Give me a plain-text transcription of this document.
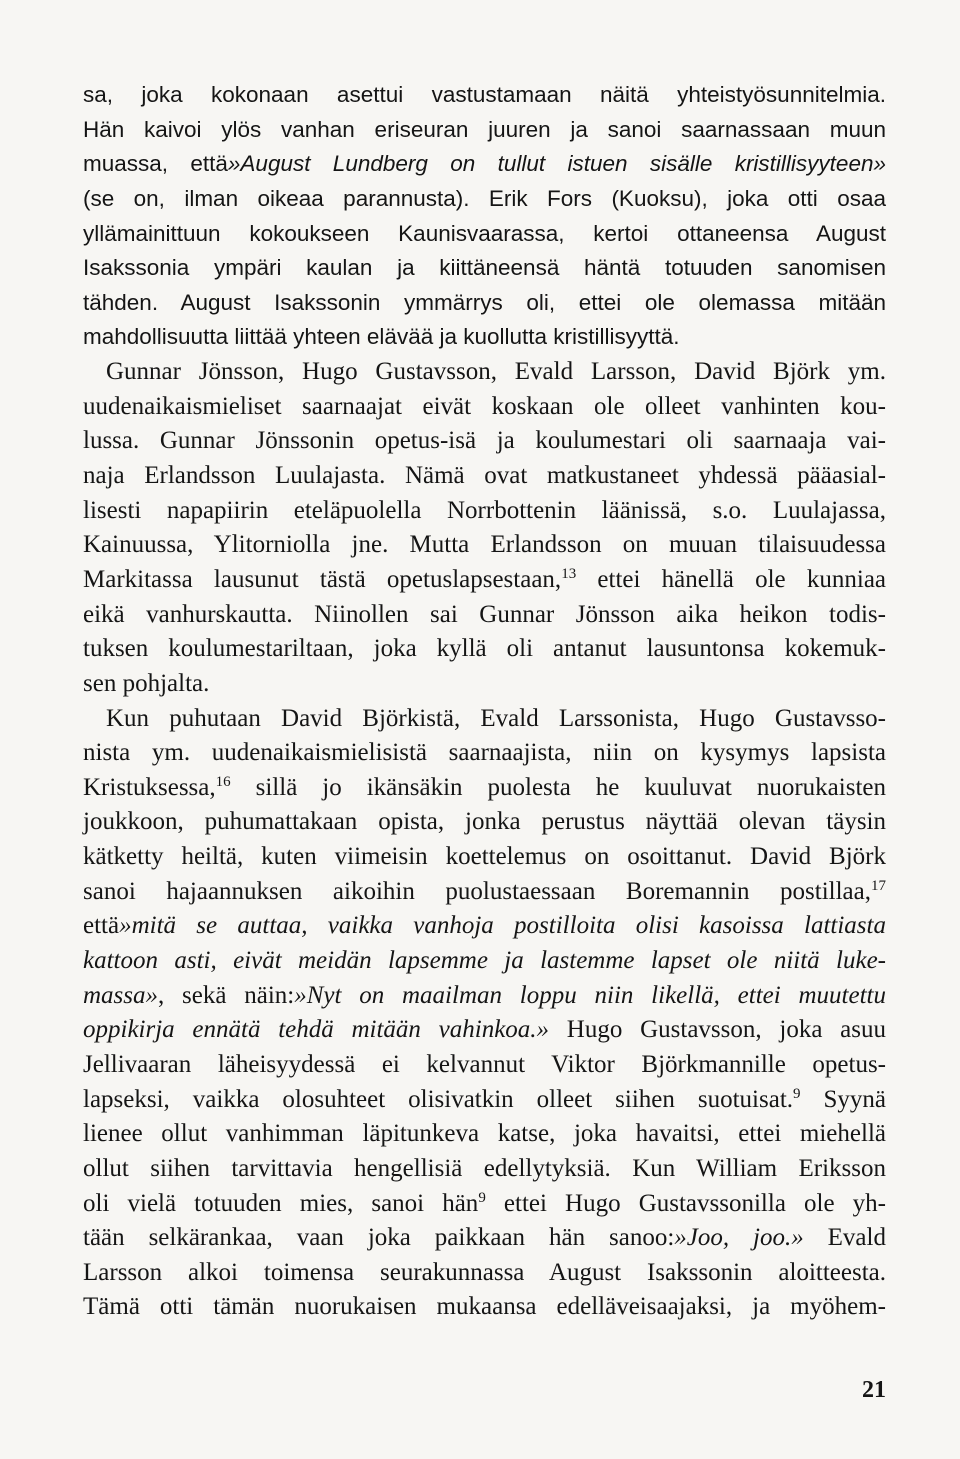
sa, joka kokonaan asettui vastustamaan näitä yhteistyösunnitelmia.
Hän kaivoi ylös vanhan eriseuran juuren ja sanoi saarnassaan muun
muassa, että»August Lundberg on tullut istuen sisälle kristillisyyteen»
(se on, ilman oikeaa parannusta). Erik Fors (Kuoksu), joka otti osaa
yllämainittuun kokoukseen Kaunisvaarassa, kertoi ottaneensa August
Isakssonia ympäri kaulan ja kiittäneensä häntä totuuden sanomisen
tähden. August Isakssonin ymmärrys oli, ettei ole olemassa mitään
mahdollisuutta liittää yhteen elävää ja kuollutta kristillisyyttä.
Gunnar Jönsson, Hugo Gustavsson, Evald Larsson, David Björk ym.
uudenaikaismieliset saarnaajat eivät koskaan ole olleet vanhinten kou-
lussa. Gunnar Jönssonin opetus-isä ja koulumestari oli saarnaaja vai-
naja Erlandsson Luulajasta. Nämä ovat matkustaneet yhdessä pääasial-
lisesti napapiirin eteläpuolella Norrbottenin läänissä, s.o. Luulajassa,
Kainuussa, Ylitorniolla jne. Mutta Erlandsson on muuan tilaisuudessa
Markitassa lausunut tästä opetuslapsestaan,$^{13}$ ettei hänellä ole kunniaa
eikä vanhurskautta. Niinollen sai Gunnar Jönsson aika heikon todis-
tuksen koulumestariltaan, joka kyllä oli antanut lausuntonsa kokemuk-
sen pohjalta.
Kun puhutaan David Björkistä, Evald Larssonista, Hugo Gustavsso-
nista ym. uudenaikaismielisistä saarnaajista, niin on kysymys lapsista
Kristuksessa,$^{16}$ sillä jo ikänsäkin puolesta he kuuluvat nuorukaisten
joukkoon, puhumattakaan opista, jonka perustus näyttää olevan täysin
kätketty heiltä, kuten viimeisin koettelemus on osoittanut. David Björk
sanoi hajaannuksen aikoihin puolustaessaan Boremannin postillaa,$^{17}$
että»mitä se auttaa, vaikka vanhoja postilloita olisi kasoissa lattiasta
kattoon asti, eivät meidän lapsemme ja lastemme lapset ole niitä luke-
massa», sekä näin:»Nyt on maailman loppu niin likellä, ettei muutettu
oppikirja ennätä tehdä mitään vahinkoa.» Hugo Gustavsson, joka asuu
Jellivaaran läheisyydessä ei kelvannut Viktor Björkmannille opetus-
lapseksi, vaikka olosuhteet olisivatkin olleet siihen suotuisat.$^9$ Syynä
lienee ollut vanhimman läpitunkeva katse, joka havaitsi, ettei miehellä
ollut siihen tarvittavia hengellisiä edellytyksiä. Kun William Eriksson
oli vielä totuuden mies, sanoi hän$^9$ ettei Hugo Gustavssonilla ole yh-
tään selkärankaa, vaan joka paikkaan hän sanoo:»Joo, joo.» Evald
Larsson alkoi toimensa seurakunnassa August Isakssonin aloitteesta.
Tämä otti tämän nuorukaisen mukaansa edelläveisaajaksi, ja myöhem-
21
